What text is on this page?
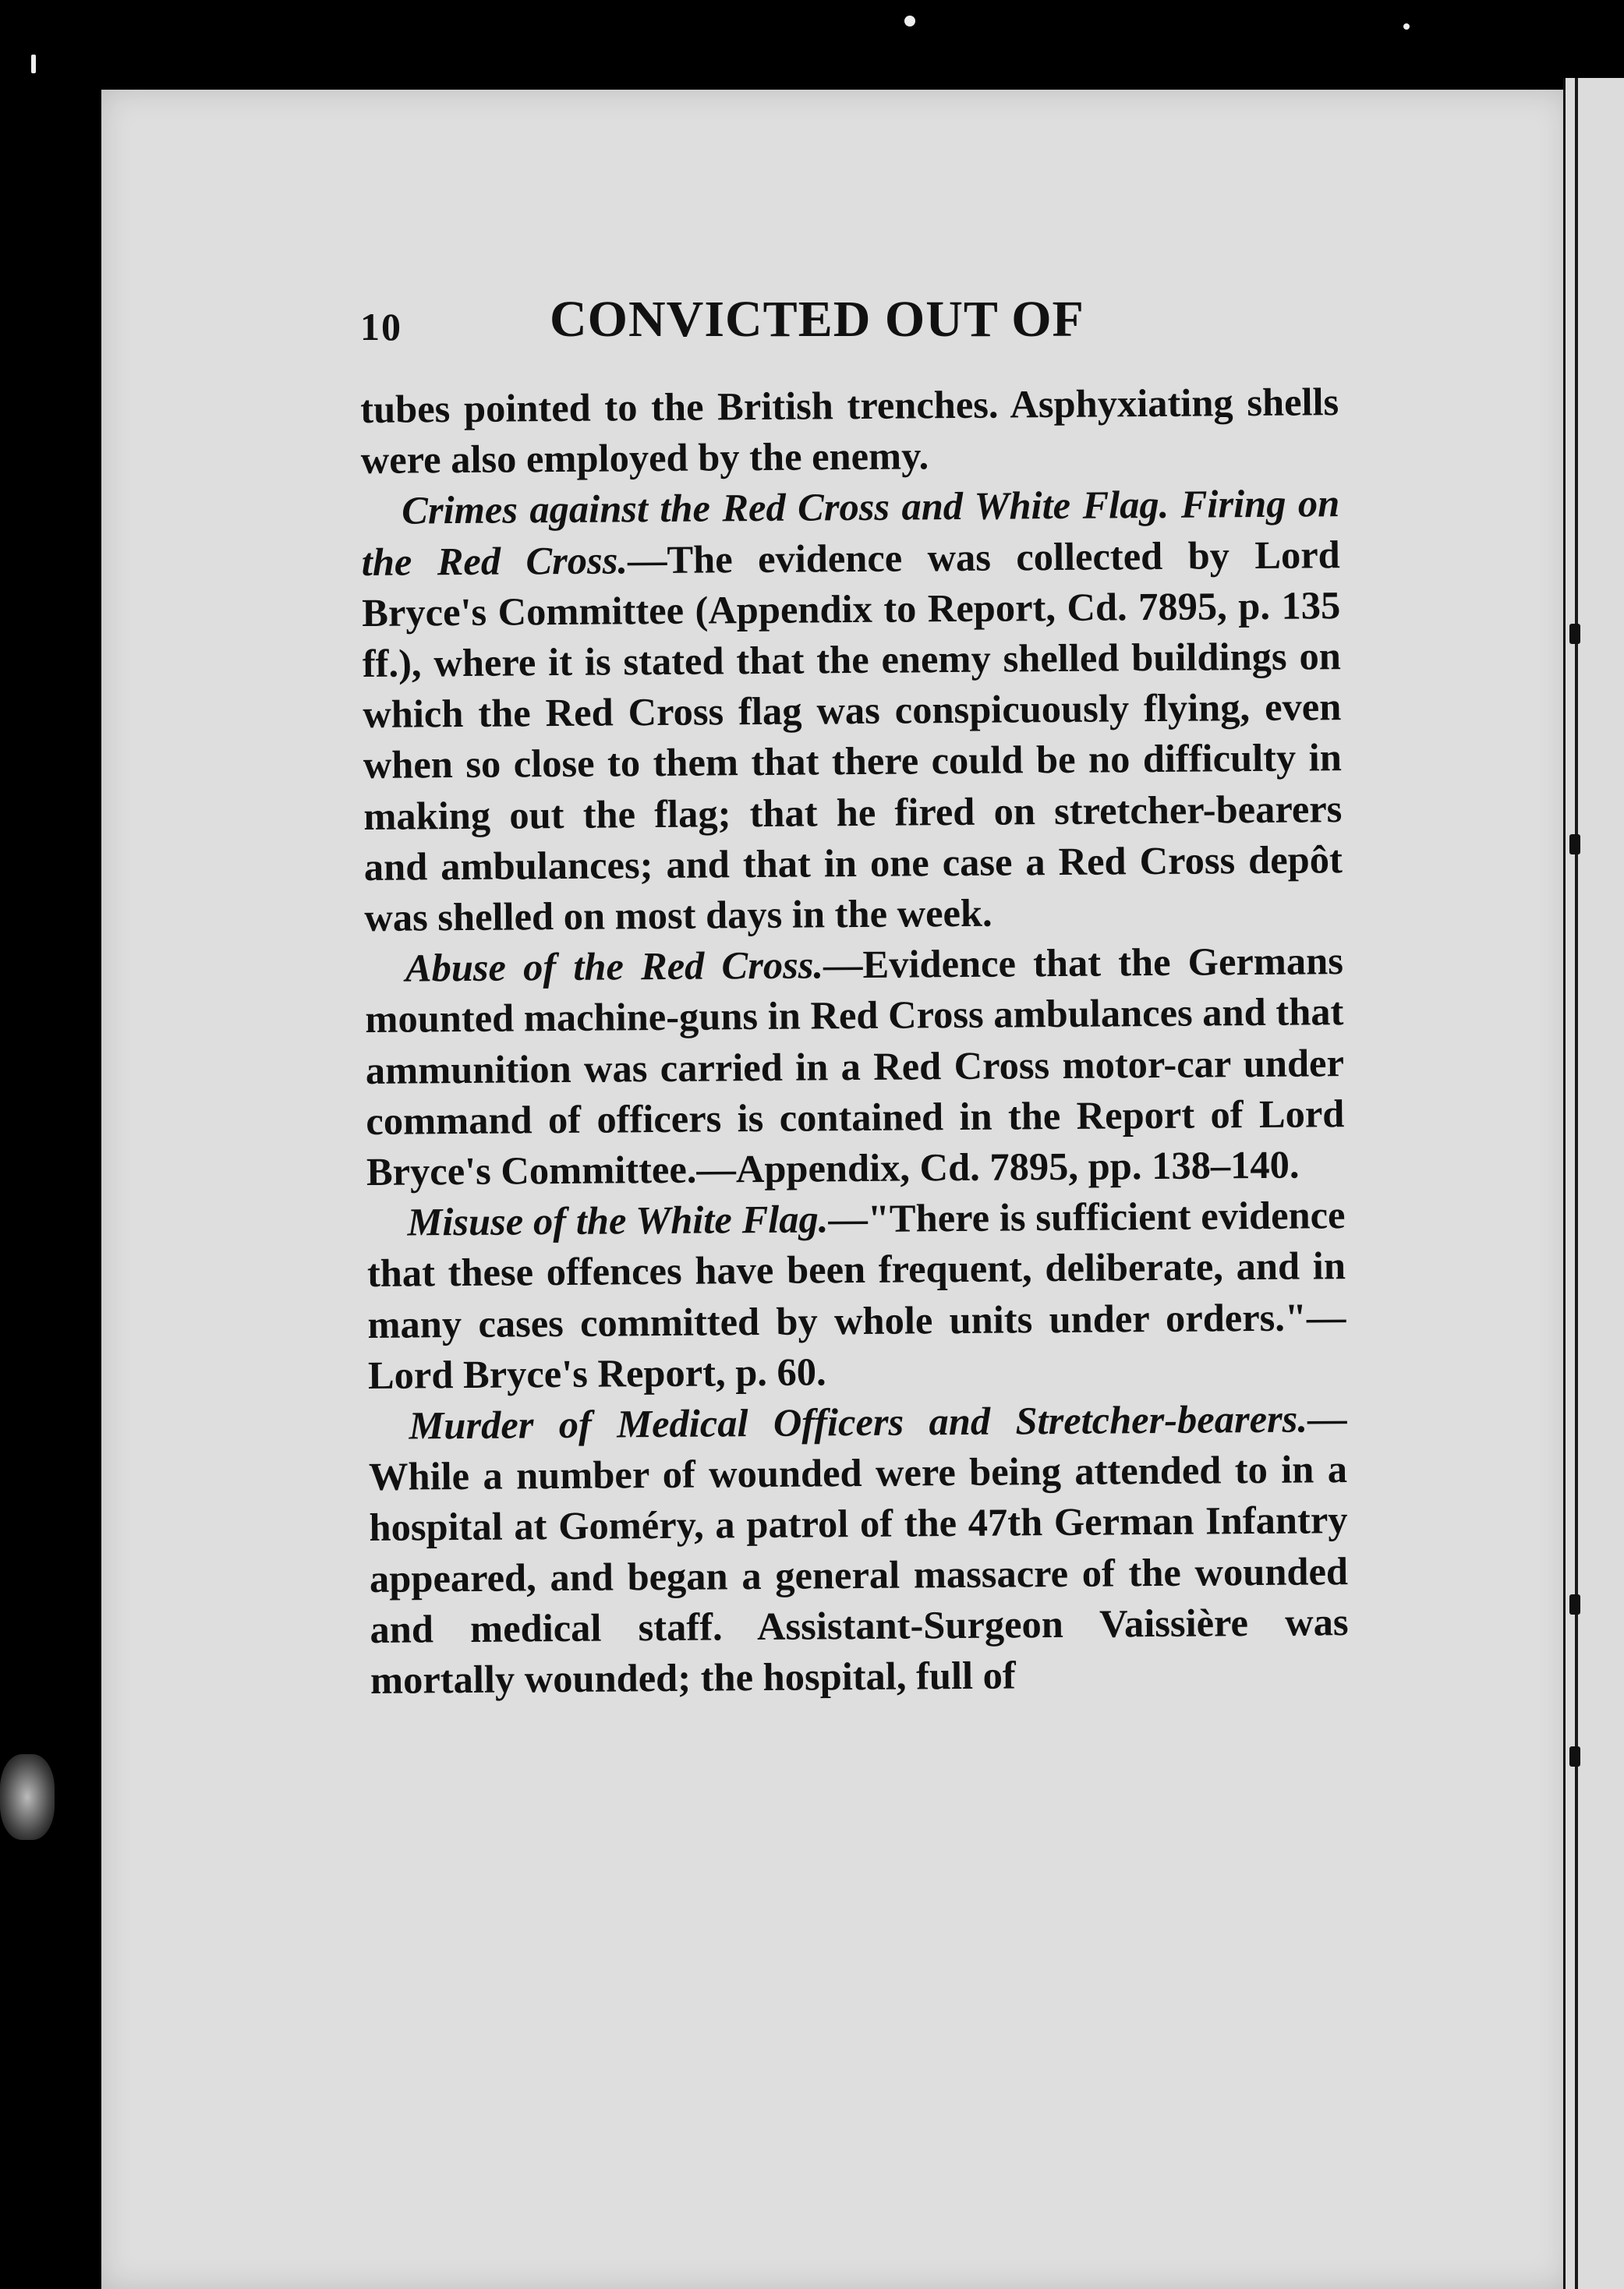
10	CONVICTED OUT OF

tubes pointed to the British trenches. Asphyxiating shells were also employed by the enemy.

Crimes against the Red Cross and White Flag. Firing on the Red Cross.—The evidence was collected by Lord Bryce's Committee (Appendix to Report, Cd. 7895, p. 135 ff.), where it is stated that the enemy shelled buildings on which the Red Cross flag was conspicuously flying, even when so close to them that there could be no difficulty in making out the flag; that he fired on stretcher-bearers and ambulances; and that in one case a Red Cross depôt was shelled on most days in the week.

Abuse of the Red Cross.—Evidence that the Germans mounted machine-guns in Red Cross ambulances and that ammunition was carried in a Red Cross motor-car under command of officers is contained in the Report of Lord Bryce's Committee.—Appendix, Cd. 7895, pp. 138–140.

Misuse of the White Flag.—"There is sufficient evidence that these offences have been frequent, deliberate, and in many cases committed by whole units under orders."—Lord Bryce's Report, p. 60.

Murder of Medical Officers and Stretcher-bearers.—While a number of wounded were being attended to in a hospital at Goméry, a patrol of the 47th German Infantry appeared, and began a general massacre of the wounded and medical staff. Assistant-Surgeon Vaissière was mortally wounded; the hospital, full of
